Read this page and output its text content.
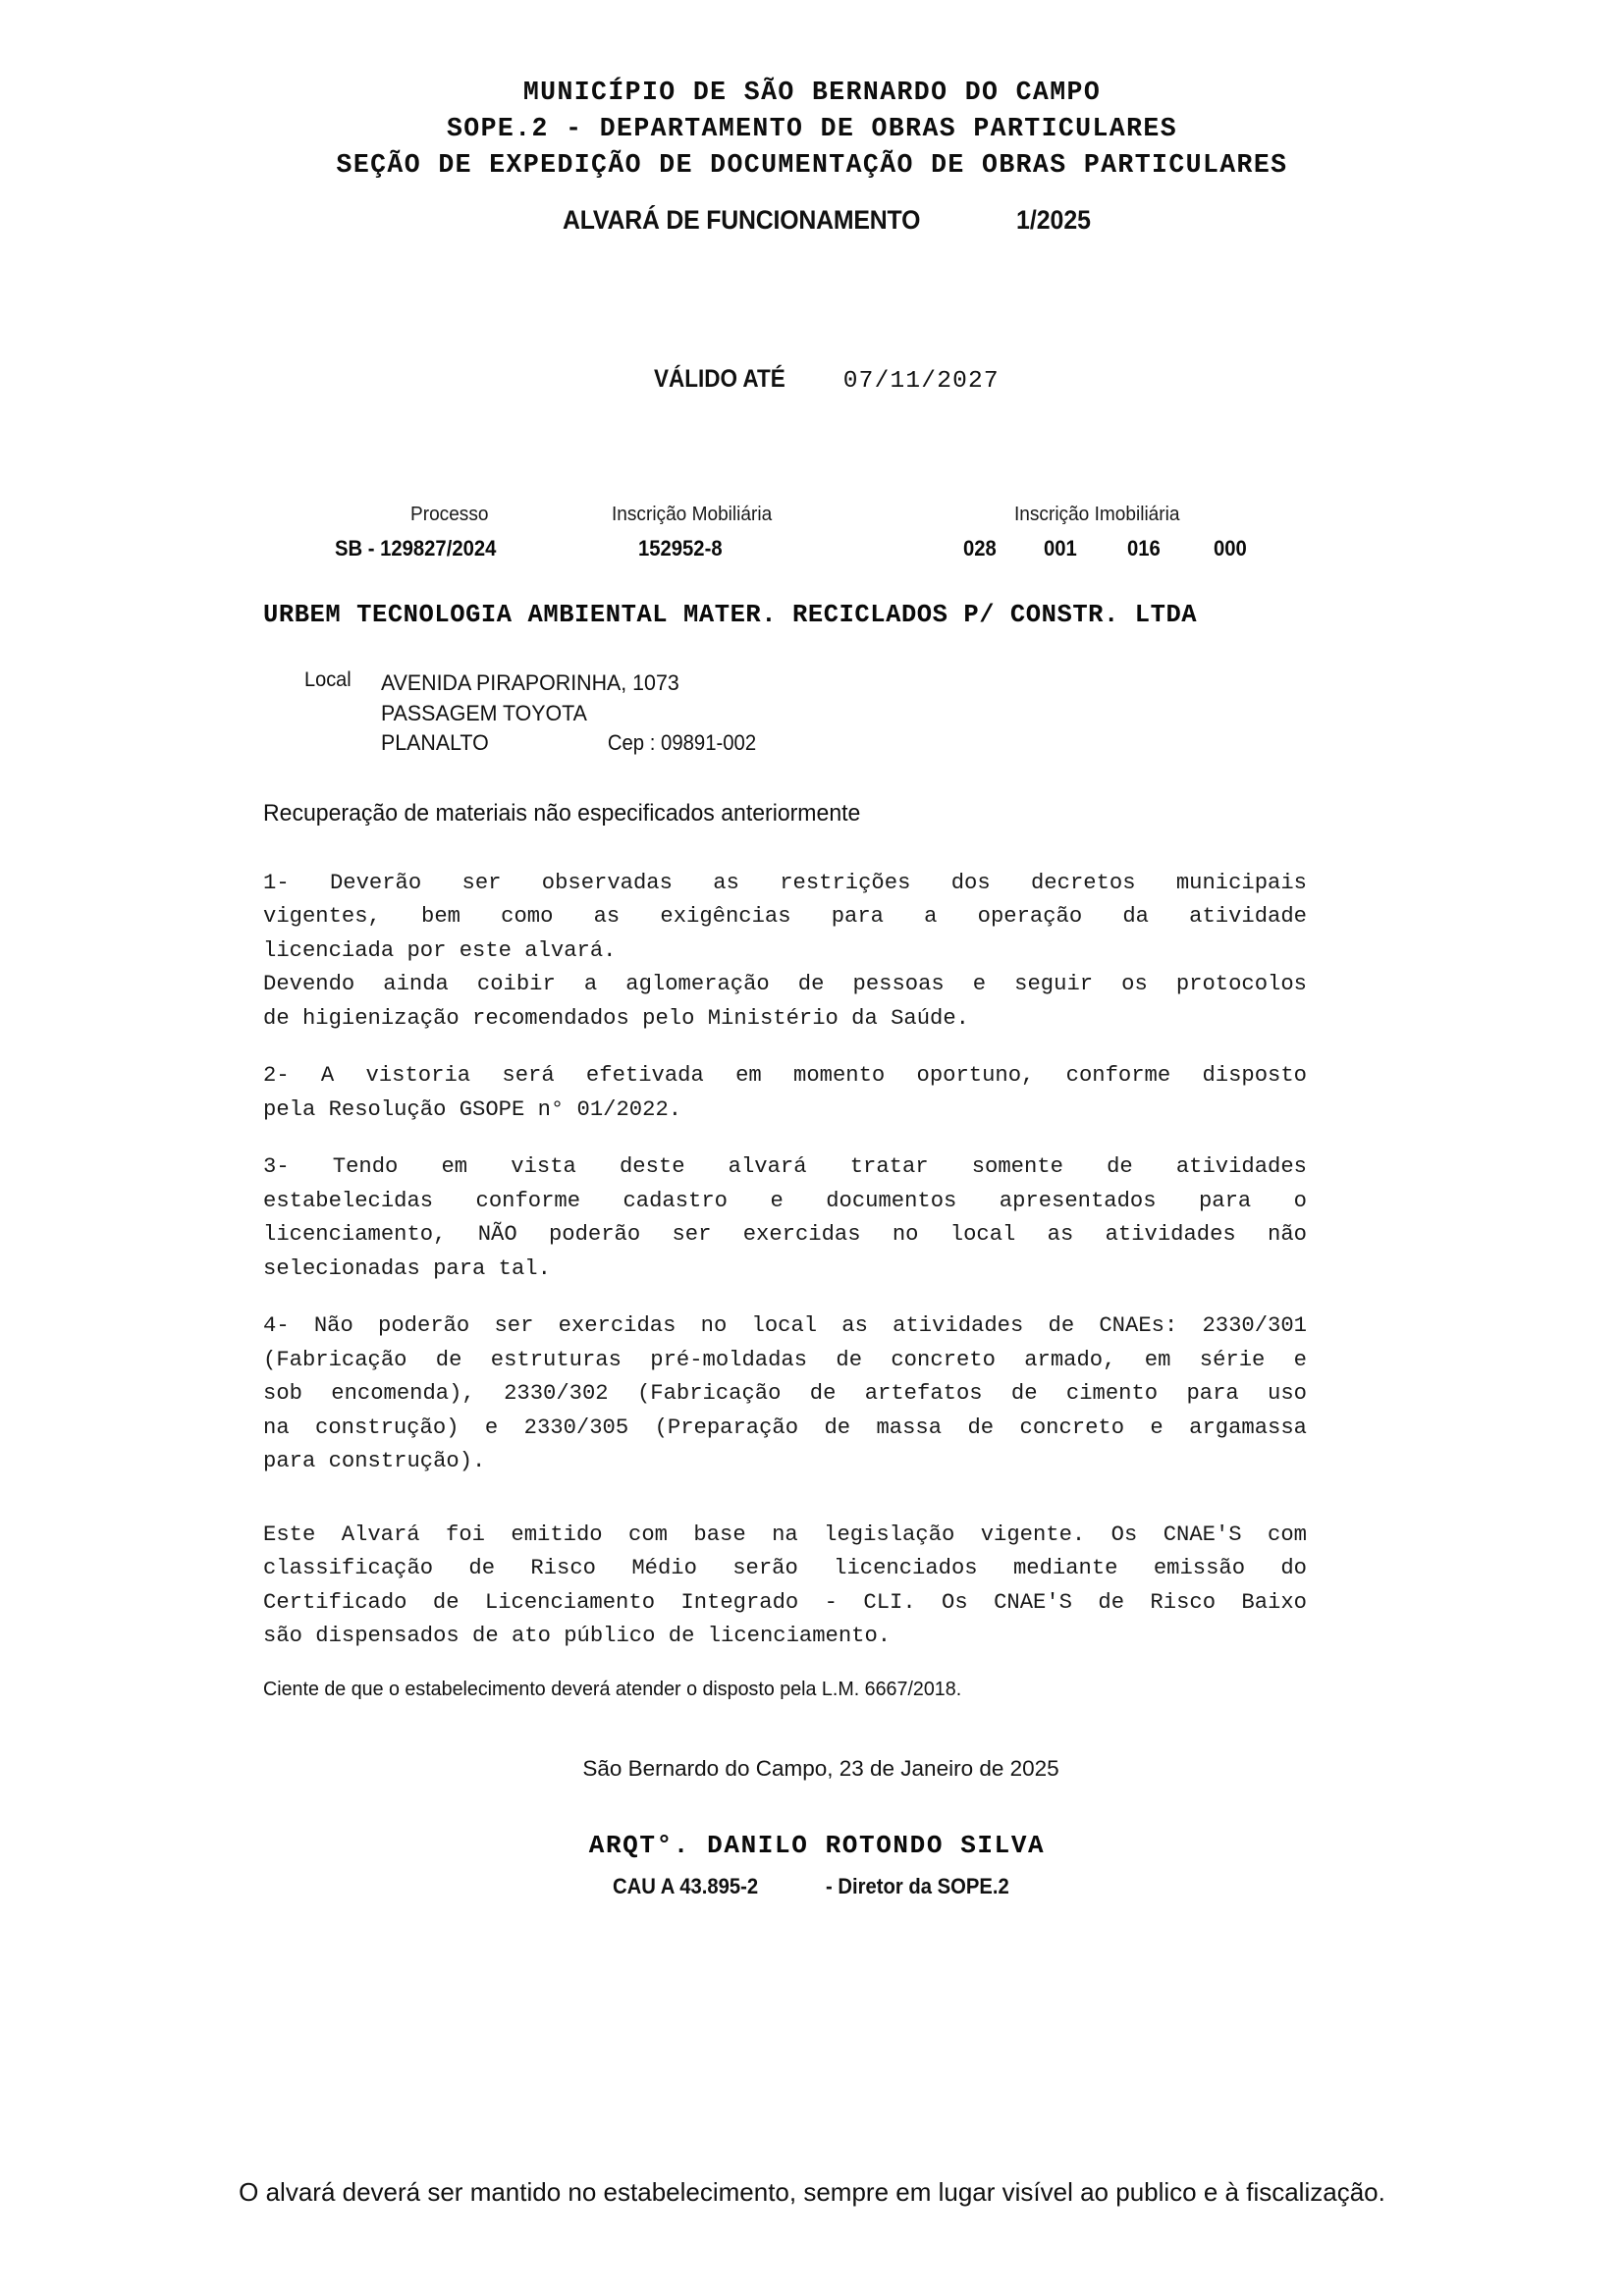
MUNICÍPIO DE SÃO BERNARDO DO CAMPO
SOPE.2 - DEPARTAMENTO DE OBRAS PARTICULARES
SEÇÃO DE EXPEDIÇÃO DE DOCUMENTAÇÃO DE OBRAS PARTICULARES
ALVARÁ DE FUNCIONAMENTO	1/2025
VÁLIDO ATÉ 07/11/2027
Processo	Inscrição Mobiliária	Inscrição Imobiliária
SB - 129827/2024	152952-8	028 001 016 000
URBEM TECNOLOGIA AMBIENTAL MATER. RECICLADOS P/ CONSTR. LTDA
Local AVENIDA PIRAPORINHA, 1073
PASSAGEM TOYOTA
PLANALTO	Cep : 09891-002
Recuperação de materiais não especificados anteriormente

1- Deverão ser observadas as restrições dos decretos municipais
vigentes, bem como as exigências para a operação da atividade
licenciada por este alvará.
Devendo ainda coibir a aglomeração de pessoas e seguir os protocolos
de higienização recomendados pelo Ministério da Saúde.

2- A vistoria será efetivada em momento oportuno, conforme disposto
pela Resolução GSOPE n° 01/2022.

3- Tendo em vista deste alvará tratar somente de atividades
estabelecidas conforme cadastro e documentos apresentados para o
licenciamento, NÃO poderão ser exercidas no local as atividades não
selecionadas para tal.

4- Não poderão ser exercidas no local as atividades de CNAEs: 2330/301
(Fabricação de estruturas pré-moldadas de concreto armado, em série e
sob encomenda), 2330/302 (Fabricação de artefatos de cimento para uso
na construção) e 2330/305 (Preparação de massa de concreto e argamassa
para construção).

Este Alvará foi emitido com base na legislação vigente. Os CNAE'S com
classificação de Risco Médio serão licenciados mediante emissão do
Certificado de Licenciamento Integrado - CLI. Os CNAE'S de Risco Baixo
são dispensados de ato público de licenciamento.

Ciente de que o estabelecimento deverá atender o disposto pela L.M. 6667/2018.
São Bernardo do Campo, 23 de Janeiro de 2025
ARQT°. DANILO ROTONDO SILVA
CAU A 43.895-2	- Diretor da SOPE.2
O alvará deverá ser mantido no estabelecimento, sempre em lugar visível ao publico e à fiscalização.
